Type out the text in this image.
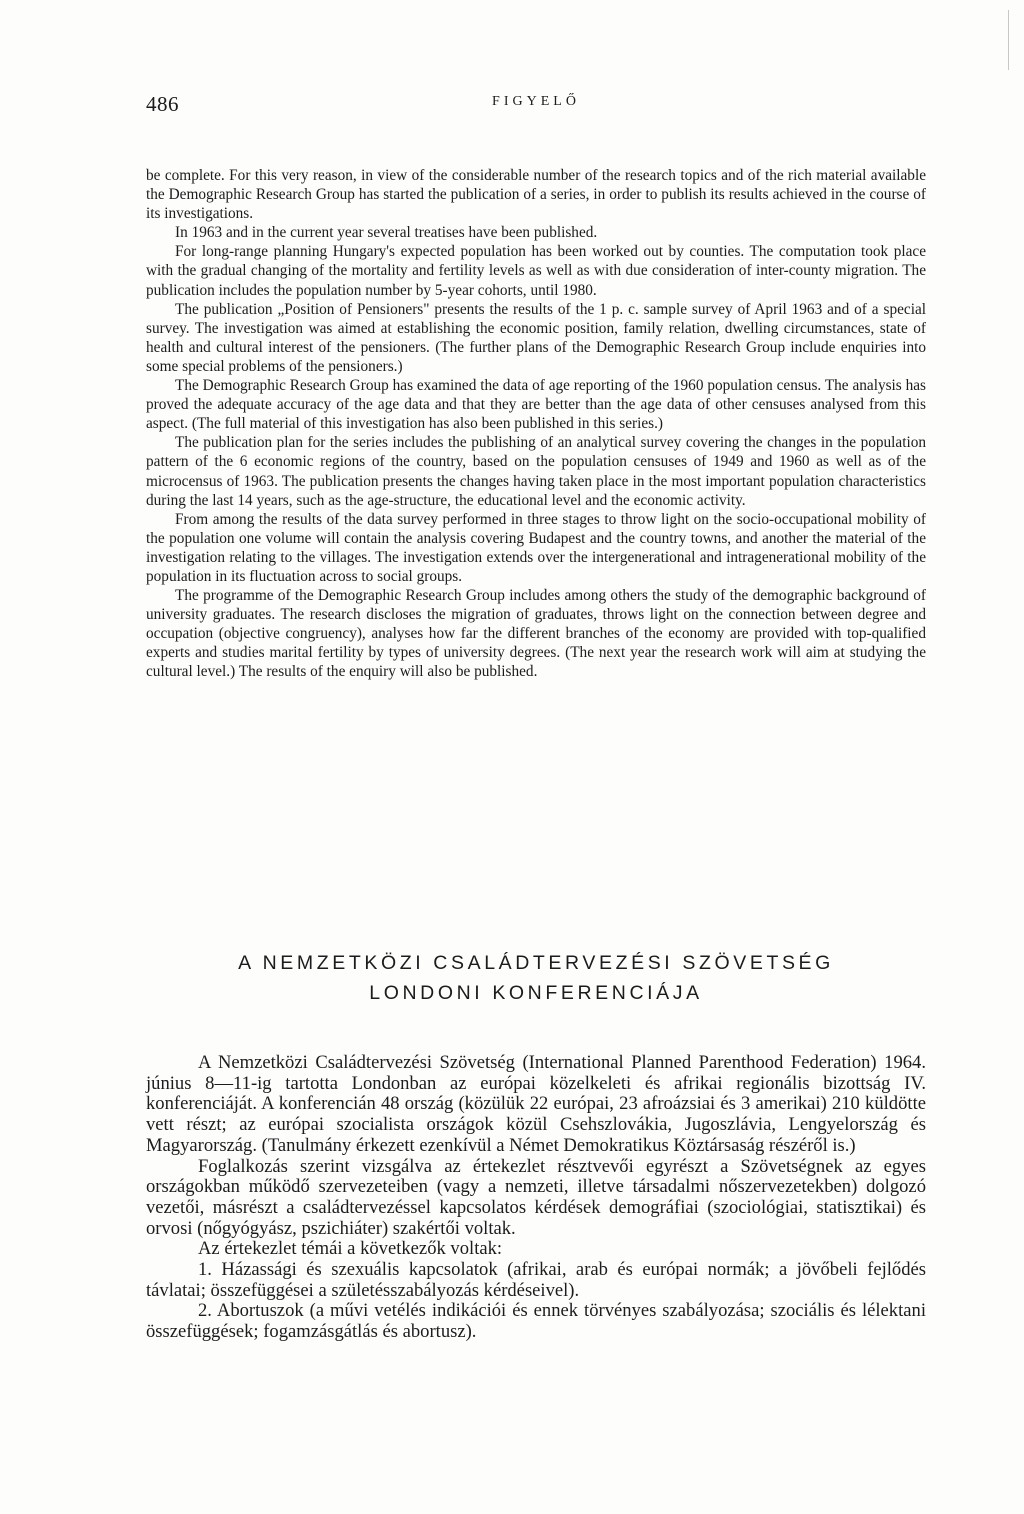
486	FIGYELŐ

be complete. For this very reason, in view of the considerable number of the research topics and of the rich material available the Demographic Research Group has started the publication of a series, in order to publish its results achieved in the course of its investigations.

In 1963 and in the current year several treatises have been published.

For long-range planning Hungary's expected population has been worked out by counties. The computation took place with the gradual changing of the mortality and fertility levels as well as with due consideration of inter-county migration. The publication includes the population number by 5-year cohorts, until 1980.

The publication „Position of Pensioners" presents the results of the 1 p. c. sample survey of April 1963 and of a special survey. The investigation was aimed at establishing the economic position, family relation, dwelling circumstances, state of health and cultural interest of the pensioners. (The further plans of the Demographic Research Group include enquiries into some special problems of the pensioners.)

The Demographic Research Group has examined the data of age reporting of the 1960 population census. The analysis has proved the adequate accuracy of the age data and that they are better than the age data of other censuses analysed from this aspect. (The full material of this investigation has also been published in this series.)

The publication plan for the series includes the publishing of an analytical survey covering the changes in the population pattern of the 6 economic regions of the country, based on the population censuses of 1949 and 1960 as well as of the microcensus of 1963. The publication presents the changes having taken place in the most important population characteristics during the last 14 years, such as the age-structure, the educational level and the economic activity.

From among the results of the data survey performed in three stages to throw light on the socio-occupational mobility of the population one volume will contain the analysis covering Budapest and the country towns, and another the material of the investigation relating to the villages. The investigation extends over the intergenerational and intragenerational mobility of the population in its fluctuation across to social groups.

The programme of the Demographic Research Group includes among others the study of the demographic background of university graduates. The research discloses the migration of graduates, throws light on the connection between degree and occupation (objective congruency), analyses how far the different branches of the economy are provided with top-qualified experts and studies marital fertility by types of university degrees. (The next year the research work will aim at studying the cultural level.) The results of the enquiry will also be published.

A NEMZETKÖZI CSALÁDTERVEZÉSI SZÖVETSÉG
LONDONI KONFERENCIÁJA

A Nemzetközi Családtervezési Szövetség (International Planned Parenthood Federation) 1964. június 8—11-ig tartotta Londonban az európai közelkeleti és afrikai regionális bizottság IV. konferenciáját. A konferencián 48 ország (közülük 22 európai, 23 afroázsiai és 3 amerikai) 210 küldötte vett részt; az európai szocialista országok közül Csehszlovákia, Jugoszlávia, Lengyelország és Magyarország. (Tanulmány érkezett ezenkívül a Német Demokratikus Köztársaság részéről is.)

Foglalkozás szerint vizsgálva az értekezlet résztvevői egyrészt a Szövetségnek az egyes országokban működő szervezeteiben (vagy a nemzeti, illetve társadalmi nőszervezetekben) dolgozó vezetői, másrészt a családtervezéssel kapcsolatos kérdések demográfiai (szociológiai, statisztikai) és orvosi (nőgyógyász, pszichiáter) szakértői voltak.

Az értekezlet témái a következők voltak:

1. Házassági és szexuális kapcsolatok (afrikai, arab és európai normák; a jövőbeli fejlődés távlatai; összefüggései a születésszabályozás kérdéseivel).

2. Abortuszok (a művi vetélés indikációi és ennek törvényes szabályozása; szociális és lélektani összefüggések; fogamzásgátlás és abortusz).
